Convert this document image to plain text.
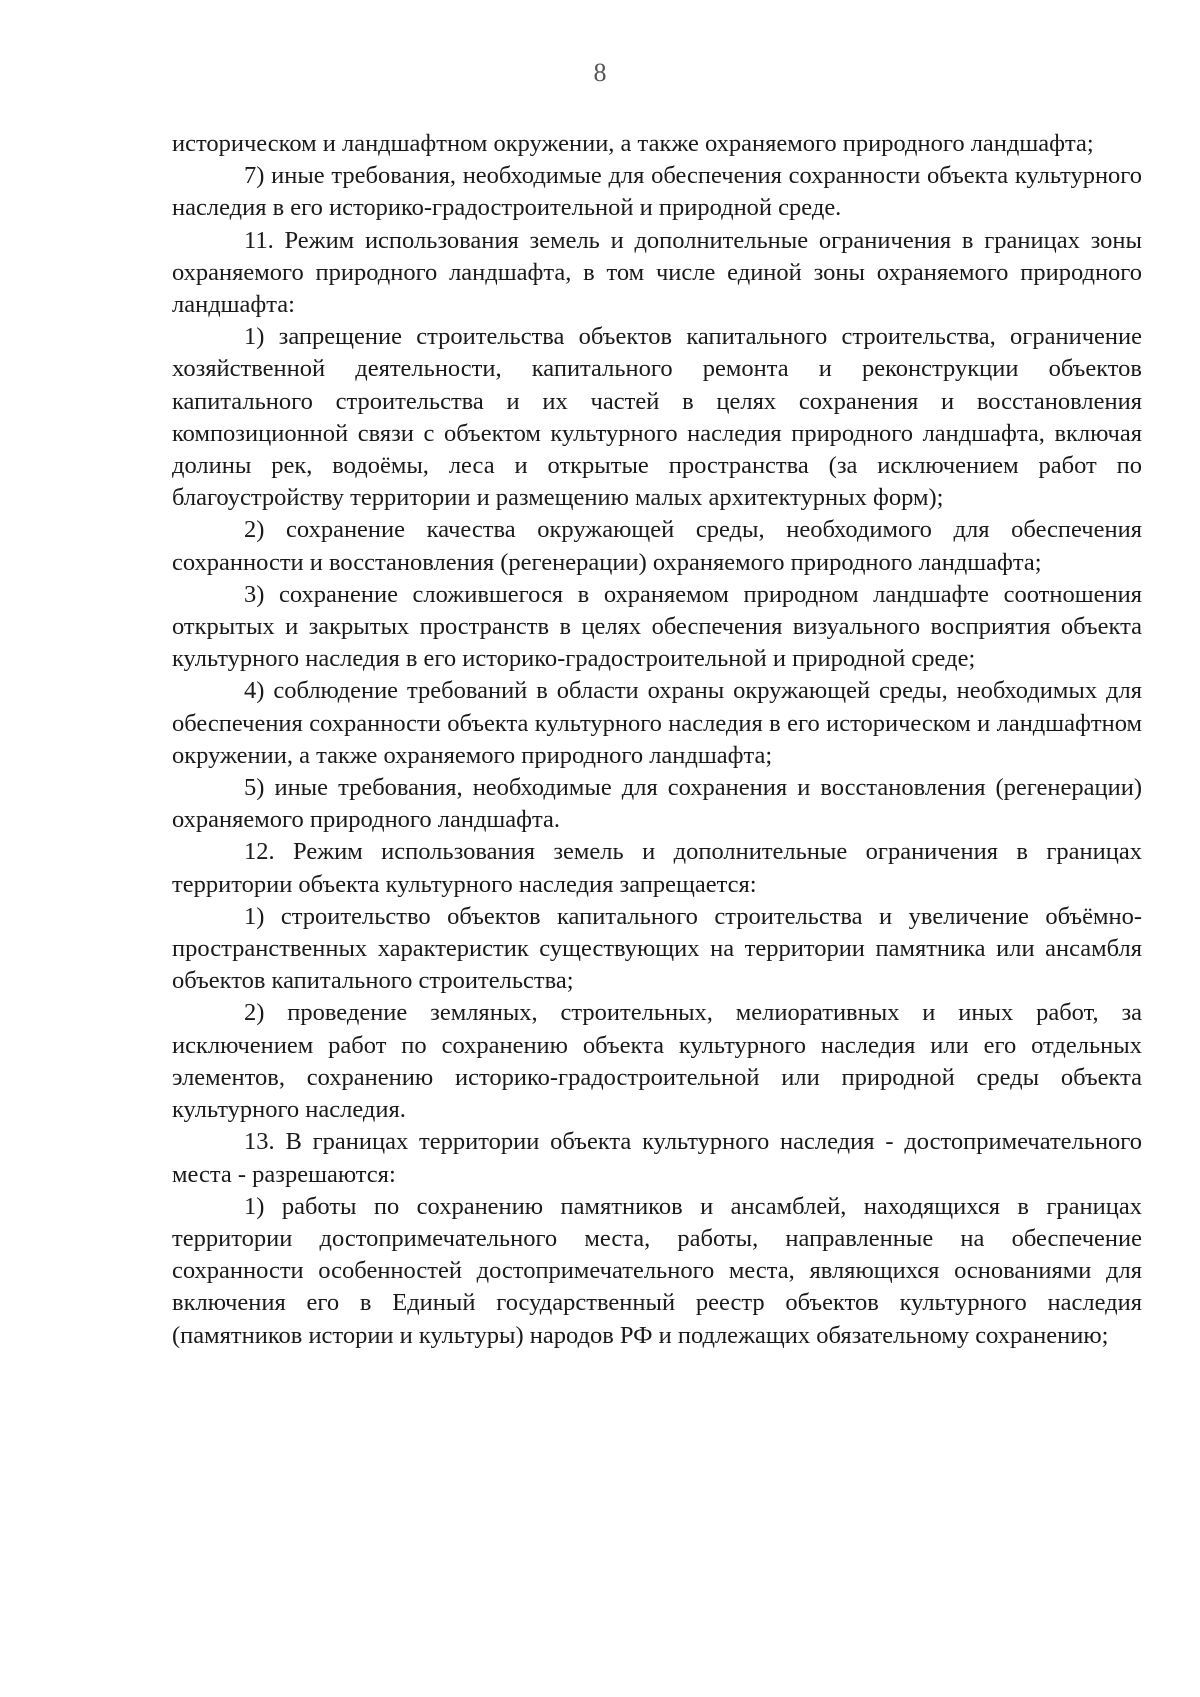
8

историческом и ландшафтном окружении, а также охраняемого природного ландшафта;

7) иные требования, необходимые для обеспечения сохранности объекта культурного наследия в его историко-градостроительной и природной среде.

11. Режим использования земель и дополнительные ограничения в границах зоны охраняемого природного ландшафта, в том числе единой зоны охраняемого природного ландшафта:

1) запрещение строительства объектов капитального строительства, ограничение хозяйственной деятельности, капитального ремонта и реконструкции объектов капитального строительства и их частей в целях сохранения и восстановления композиционной связи с объектом культурного наследия природного ландшафта, включая долины рек, водоёмы, леса и открытые пространства (за исключением работ по благоустройству территории и размещению малых архитектурных форм);

2) сохранение качества окружающей среды, необходимого для обеспечения сохранности и восстановления (регенерации) охраняемого природного ландшафта;

3) сохранение сложившегося в охраняемом природном ландшафте соотношения открытых и закрытых пространств в целях обеспечения визуального восприятия объекта культурного наследия в его историко-градостроительной и природной среде;

4) соблюдение требований в области охраны окружающей среды, необходимых для обеспечения сохранности объекта культурного наследия в его историческом и ландшафтном окружении, а также охраняемого природного ландшафта;

5) иные требования, необходимые для сохранения и восстановления (регенерации) охраняемого природного ландшафта.

12. Режим использования земель и дополнительные ограничения в границах территории объекта культурного наследия запрещается:

1) строительство объектов капитального строительства и увеличение объёмно-пространственных характеристик существующих на территории памятника или ансамбля объектов капитального строительства;

2) проведение земляных, строительных, мелиоративных и иных работ, за исключением работ по сохранению объекта культурного наследия или его отдельных элементов, сохранению историко-градостроительной или природной среды объекта культурного наследия.

13. В границах территории объекта культурного наследия - достопримечательного места - разрешаются:

1) работы по сохранению памятников и ансамблей, находящихся в границах территории достопримечательного места, работы, направленные на обеспечение сохранности особенностей достопримечательного места, являющихся основаниями для включения его в Единый государственный реестр объектов культурного наследия (памятников истории и культуры) народов РФ и подлежащих обязательному сохранению;
